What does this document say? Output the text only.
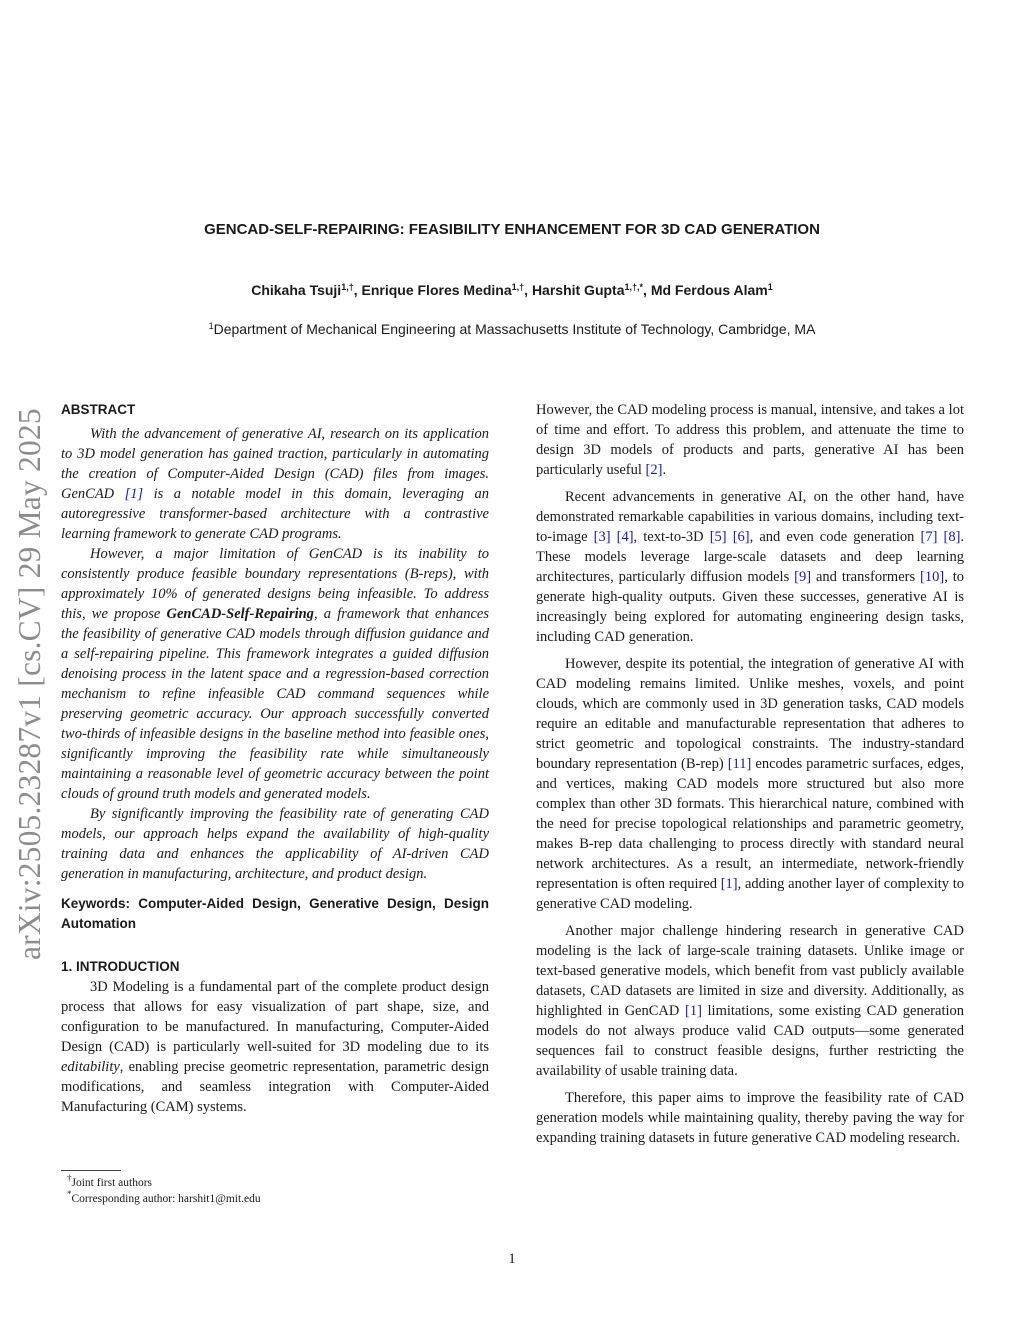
arXiv:2505.23287v1 [cs.CV] 29 May 2025
GENCAD-SELF-REPAIRING: FEASIBILITY ENHANCEMENT FOR 3D CAD GENERATION
Chikaha Tsuji$^{1,\dagger}$, Enrique Flores Medina$^{1,\dagger}$, Harshit Gupta$^{1,\dagger,*}$, Md Ferdous Alam$^1$
$^1$Department of Mechanical Engineering at Massachusetts Institute of Technology, Cambridge, MA
ABSTRACT

With the advancement of generative AI, research on its application to 3D model generation has gained traction, particularly in automating the creation of Computer-Aided Design (CAD) files from images. GenCAD [1] is a notable model in this domain, leveraging an autoregressive transformer-based architecture with a contrastive learning framework to generate CAD programs.

However, a major limitation of GenCAD is its inability to consistently produce feasible boundary representations (B-reps), with approximately 10% of generated designs being infeasible. To address this, we propose GenCAD-Self-Repairing, a framework that enhances the feasibility of generative CAD models through diffusion guidance and a self-repairing pipeline. This framework integrates a guided diffusion denoising process in the latent space and a regression-based correction mechanism to refine infeasible CAD command sequences while preserving geometric accuracy. Our approach successfully converted two-thirds of infeasible designs in the baseline method into feasible ones, significantly improving the feasibility rate while simultaneously maintaining a reasonable level of geometric accuracy between the point clouds of ground truth models and generated models.

By significantly improving the feasibility rate of generating CAD models, our approach helps expand the availability of high-quality training data and enhances the applicability of AI-driven CAD generation in manufacturing, architecture, and product design.

Keywords: Computer-Aided Design, Generative Design, Design Automation

1. INTRODUCTION

3D Modeling is a fundamental part of the complete product design process that allows for easy visualization of part shape, size, and configuration to be manufactured. In manufacturing, Computer-Aided Design (CAD) is particularly well-suited for 3D modeling due to its editability, enabling precise geometric representation, parametric design modifications, and seamless integration with Computer-Aided Manufacturing (CAM) systems.

†Joint first authors
*Corresponding author: harshit1@mit.edu

However, the CAD modeling process is manual, intensive, and takes a lot of time and effort. To address this problem, and attenuate the time to design 3D models of products and parts, generative AI has been particularly useful [2].

Recent advancements in generative AI, on the other hand, have demonstrated remarkable capabilities in various domains, including text-to-image [3] [4], text-to-3D [5] [6], and even code generation [7] [8]. These models leverage large-scale datasets and deep learning architectures, particularly diffusion models [9] and transformers [10], to generate high-quality outputs. Given these successes, generative AI is increasingly being explored for automating engineering design tasks, including CAD generation.

However, despite its potential, the integration of generative AI with CAD modeling remains limited. Unlike meshes, voxels, and point clouds, which are commonly used in 3D generation tasks, CAD models require an editable and manufacturable representation that adheres to strict geometric and topological constraints. The industry-standard boundary representation (B-rep) [11] encodes parametric surfaces, edges, and vertices, making CAD models more structured but also more complex than other 3D formats. This hierarchical nature, combined with the need for precise topological relationships and parametric geometry, makes B-rep data challenging to process directly with standard neural network architectures. As a result, an intermediate, network-friendly representation is often required [1], adding another layer of complexity to generative CAD modeling.

Another major challenge hindering research in generative CAD modeling is the lack of large-scale training datasets. Unlike image or text-based generative models, which benefit from vast publicly available datasets, CAD datasets are limited in size and diversity. Additionally, as highlighted in GenCAD [1] limitations, some existing CAD generation models do not always produce valid CAD outputs—some generated sequences fail to construct feasible designs, further restricting the availability of usable training data.

Therefore, this paper aims to improve the feasibility rate of CAD generation models while maintaining quality, thereby paving the way for expanding training datasets in future generative CAD modeling research.

1
